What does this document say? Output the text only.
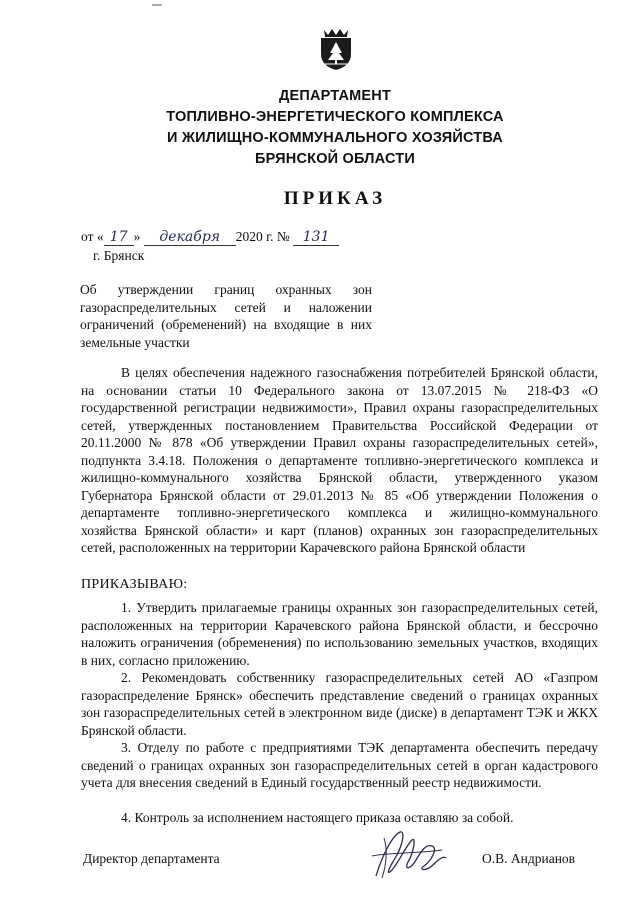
ДЕПАРТАМЕНТ
ТОПЛИВНО-ЭНЕРГЕТИЧЕСКОГО КОМПЛЕКСА
И ЖИЛИЩНО-КОММУНАЛЬНОГО ХОЗЯЙСТВА
БРЯНСКОЙ ОБЛАСТИ
ПРИКАЗ
от « 17 » декабря 2020 г. № 131
г. Брянск
Об утверждении границ охранных зон газораспределительных сетей и наложении ограничений (обременений) на входящие в них земельные участки
В целях обеспечения надежного газоснабжения потребителей Брянской области, на основании статьи 10 Федерального закона от 13.07.2015 № 218-ФЗ «О государственной регистрации недвижимости», Правил охраны газораспределительных сетей, утвержденных постановлением Правительства Российской Федерации от 20.11.2000 № 878 «Об утверждении Правил охраны газораспределительных сетей», подпункта 3.4.18. Положения о департаменте топливно-энергетического комплекса и жилищно-коммунального хозяйства Брянской области, утвержденного указом Губернатора Брянской области от 29.01.2013 № 85 «Об утверждении Положения о департаменте топливно-энергетического комплекса и жилищно-коммунального хозяйства Брянской области» и карт (планов) охранных зон газораспределительных сетей, расположенных на территории Карачевского района Брянской области
ПРИКАЗЫВАЮ:
1. Утвердить прилагаемые границы охранных зон газораспределительных сетей, расположенных на территории Карачевского района Брянской области, и бессрочно наложить ограничения (обременения) по использованию земельных участков, входящих в них, согласно приложению.
2. Рекомендовать собственнику газораспределительных сетей АО «Газпром газораспределение Брянск» обеспечить представление сведений о границах охранных зон газораспределительных сетей в электронном виде (диске) в департамент ТЭК и ЖКХ Брянской области.
3. Отделу по работе с предприятиями ТЭК департамента обеспечить передачу сведений о границах охранных зон газораспределительных сетей в орган кадастрового учета для внесения сведений в Единый государственный реестр недвижимости.
4. Контроль за исполнением настоящего приказа оставляю за собой.
Директор департамента	О.В. Андрианов
